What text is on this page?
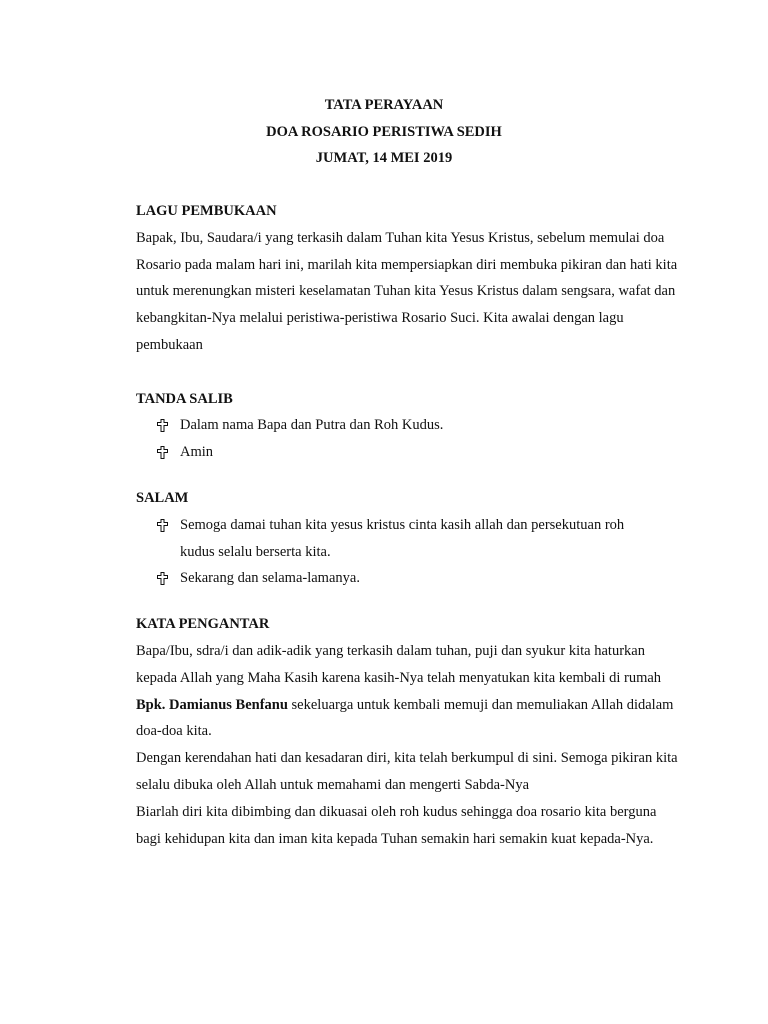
TATA PERAYAAN
DOA ROSARIO PERISTIWA SEDIH
JUMAT, 14 MEI 2019

LAGU PEMBUKAAN

Bapak, Ibu, Saudara/i yang terkasih dalam Tuhan kita Yesus Kristus, sebelum memulai doa Rosario pada malam hari ini, marilah kita mempersiapkan diri membuka pikiran dan hati kita untuk merenungkan misteri keselamatan Tuhan kita Yesus Kristus dalam sengsara, wafat dan kebangkitan-Nya melalui peristiwa-peristiwa Rosario Suci. Kita awalai dengan lagu pembukaan

TANDA SALIB

Dalam nama Bapa dan Putra dan Roh Kudus.
Amin

SALAM

Semoga damai tuhan kita yesus kristus cinta kasih allah dan persekutuan roh kudus selalu berserta kita.
Sekarang dan selama-lamanya.

KATA PENGANTAR

Bapa/Ibu, sdra/i dan adik-adik yang terkasih dalam tuhan, puji dan syukur kita haturkan kepada Allah yang Maha Kasih karena kasih-Nya telah menyatukan kita kembali di rumah Bpk. Damianus Benfanu sekeluarga untuk kembali memuji dan memuliakan Allah didalam doa-doa kita.

Dengan kerendahan hati dan kesadaran diri, kita telah berkumpul di sini. Semoga pikiran kita selalu dibuka oleh Allah untuk memahami dan mengerti Sabda-Nya

Biarlah diri kita dibimbing dan dikuasai oleh roh kudus sehingga doa rosario kita berguna bagi kehidupan kita dan iman kita kepada Tuhan semakin hari semakin kuat kepada-Nya.
